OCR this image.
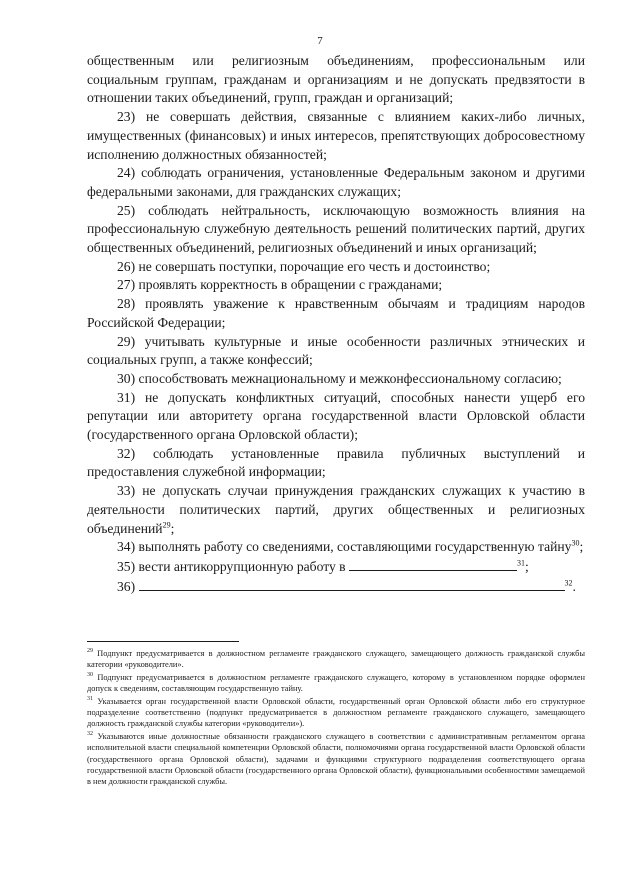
7

общественным или религиозным объединениям, профессиональным или социальным группам, гражданам и организациям и не допускать предвзятости в отношении таких объединений, групп, граждан и организаций;

23) не совершать действия, связанные с влиянием каких-либо личных, имущественных (финансовых) и иных интересов, препятствующих добросовестному исполнению должностных обязанностей;

24) соблюдать ограничения, установленные Федеральным законом и другими федеральными законами, для гражданских служащих;

25) соблюдать нейтральность, исключающую возможность влияния на профессиональную служебную деятельность решений политических партий, других общественных объединений, религиозных объединений и иных организаций;

26) не совершать поступки, порочащие его честь и достоинство;

27) проявлять корректность в обращении с гражданами;

28) проявлять уважение к нравственным обычаям и традициям народов Российской Федерации;

29) учитывать культурные и иные особенности различных этнических и социальных групп, а также конфессий;

30) способствовать межнациональному и межконфессиональному согласию;

31) не допускать конфликтных ситуаций, способных нанести ущерб его репутации или авторитету органа государственной власти Орловской области (государственного органа Орловской области);

32) соблюдать установленные правила публичных выступлений и предоставления служебной информации;

33) не допускать случаи принуждения гражданских служащих к участию в деятельности политических партий, других общественных и религиозных объединений$^{29}$;

34) выполнять работу со сведениями, составляющими государственную тайну$^{30}$;

35) вести антикоррупционную работу в	$^{31}$;

36)	$^{32}$.

$^{29}$ Подпункт предусматривается в должностном регламенте гражданского служащего, замещающего должность гражданской службы категории «руководители».

$^{30}$ Подпункт предусматривается в должностном регламенте гражданского служащего, которому в установленном порядке оформлен допуск к сведениям, составляющим государственную тайну.

$^{31}$ Указывается орган государственной власти Орловской области, государственный орган Орловской области либо его структурное подразделение соответственно (подпункт предусматривается в должностном регламенте гражданского служащего, замещающего должность гражданской службы категории «руководители»).

$^{32}$ Указываются иные должностные обязанности гражданского служащего в соответствии с административным регламентом органа исполнительной власти специальной компетенции Орловской области, полномочиями органа государственной власти Орловской области (государственного органа Орловской области), задачами и функциями структурного подразделения соответствующего органа государственной власти Орловской области (государственного органа Орловской области), функциональными особенностями замещаемой в нем должности гражданской службы.
